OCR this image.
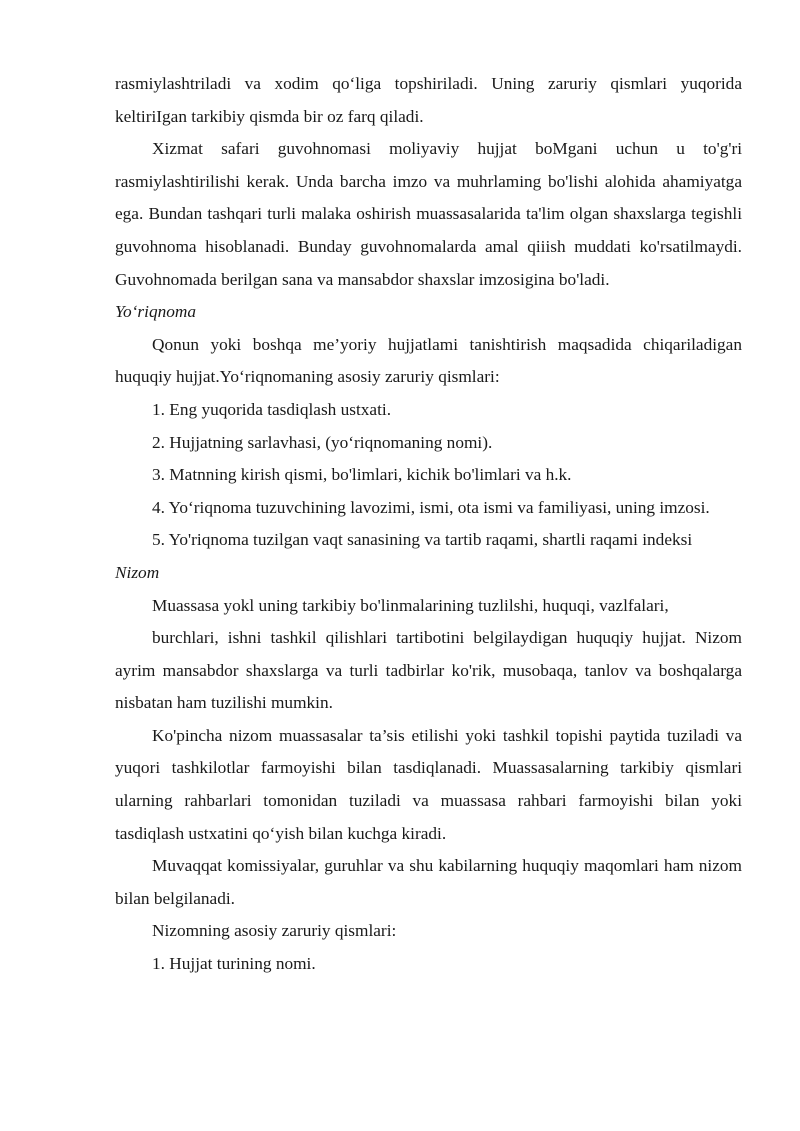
rasmiylashtriladi va xodim qo‘liga topshiriladi. Uning zaruriy qismlari yuqorida keltiriIgan tarkibiy qismda bir oz farq qiladi.

Xizmat safari guvohnomasi moliyaviy hujjat boMgani uchun u to'g'ri rasmiylashtirilishi kerak. Unda barcha imzo va muhrlaming bo'lishi alohida ahamiyatga ega. Bundan tashqari turli malaka oshirish muassasalarida ta'lim olgan shaxslarga tegishli guvohnoma hisoblanadi. Bunday guvohnomalarda amal qiiish muddati ko'rsatilmaydi. Guvohnomada berilgan sana va mansabdor shaxslar imzosigina bo'ladi.

Yo‘riqnoma

Qonun yoki boshqa me’yoriy hujjatlami tanishtirish maqsadida chiqariladigan huquqiy hujjat.Yo‘riqnomaning asosiy zaruriy qismlari:

1. Eng yuqorida tasdiqlash ustxati.

2. Hujjatning sarlavhasi, (yo‘riqnomaning nomi).

3. Matnning kirish qismi, bo'limlari, kichik bo'limlari va h.k.

4. Yo‘riqnoma tuzuvchining lavozimi, ismi, ota ismi va familiyasi, uning imzosi.

5. Yo'riqnoma tuzilgan vaqt sanasining va tartib raqami, shartli raqami indeksi

Nizom

Muassasa yokl uning tarkibiy bo'linmalarining tuzlilshi, huquqi, vazlfalari,

burchlari, ishni tashkil qilishlari tartibotini belgilaydigan huquqiy hujjat. Nizom ayrim mansabdor shaxslarga va turli tadbirlar ko'rik, musobaqa, tanlov va boshqalarga nisbatan ham tuzilishi mumkin.

Ko'pincha nizom muassasalar ta’sis etilishi yoki tashkil topishi paytida tuziladi va yuqori tashkilotlar farmoyishi bilan tasdiqlanadi. Muassasalarning tarkibiy qismlari ularning rahbarlari tomonidan tuziladi va muassasa rahbari farmoyishi bilan yoki tasdiqlash ustxatini qo‘yish bilan kuchga kiradi.

Muvaqqat komissiyalar, guruhlar va shu kabilarning huquqiy maqomlari ham nizom bilan belgilanadi.

Nizomning asosiy zaruriy qismlari:

1. Hujjat turining nomi.
